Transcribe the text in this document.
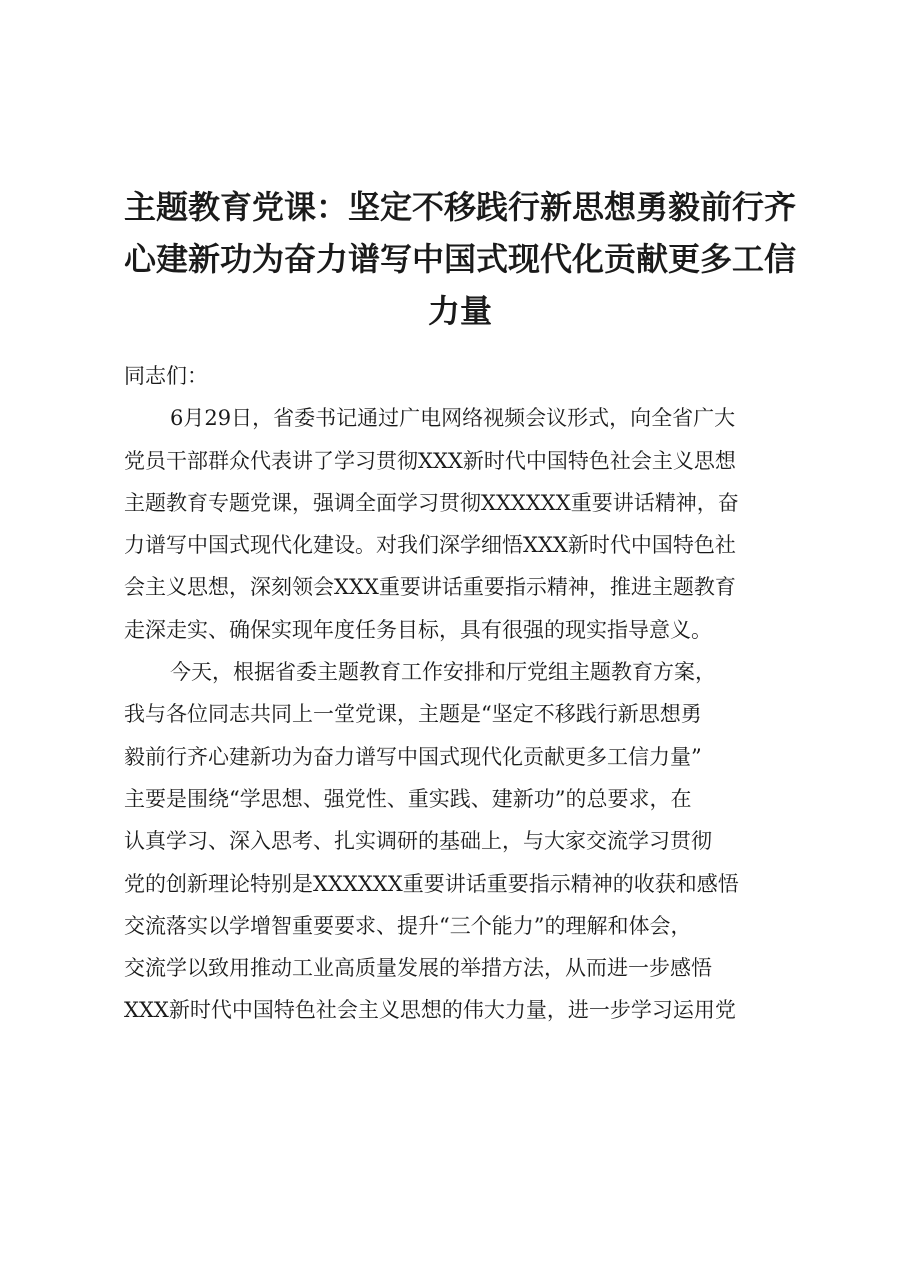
主题教育党课：坚定不移践行新思想勇毅前行齐
心建新功为奋力谱写中国式现代化贡献更多工信
力量

同志们：

6月29日，省委书记通过广电网络视频会议形式，向全省广大
党员干部群众代表讲了学习贯彻XXX新时代中国特色社会主义思想
主题教育专题党课，强调全面学习贯彻XXXXXX重要讲话精神，奋
力谱写中国式现代化建设。对我们深学细悟XXX新时代中国特色社
会主义思想，深刻领会XXX重要讲话重要指示精神，推进主题教育
走深走实、确保实现年度任务目标，具有很强的现实指导意义。

今天，根据省委主题教育工作安排和厅党组主题教育方案，
我与各位同志共同上一堂党课，主题是“坚定不移践行新思想勇
毅前行齐心建新功为奋力谱写中国式现代化贡献更多工信力量”
主要是围绕“学思想、强党性、重实践、建新功”的总要求，在
认真学习、深入思考、扎实调研的基础上，与大家交流学习贯彻
党的创新理论特别是XXXXXX重要讲话重要指示精神的收获和感悟
交流落实以学增智重要要求、提升“三个能力”的理解和体会，
交流学以致用推动工业高质量发展的举措方法，从而进一步感悟
XXX新时代中国特色社会主义思想的伟大力量，进一步学习运用党
